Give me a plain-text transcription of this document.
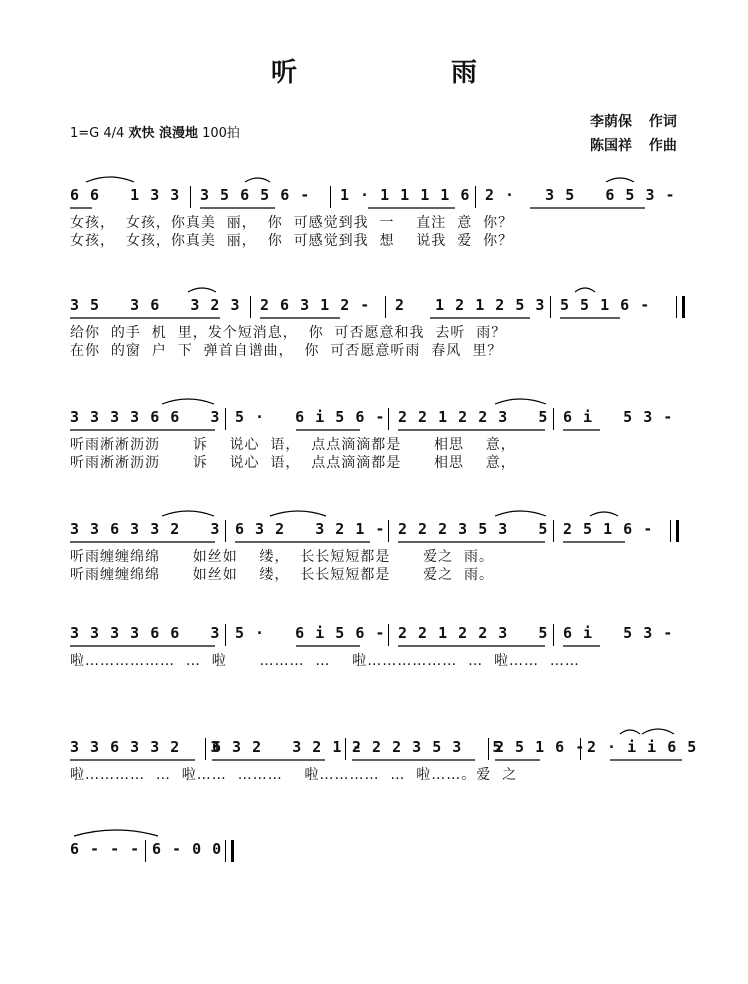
听　　雨
1=G 4/4 欢快 浪漫地 100拍
李荫保 作词
陈国祥 作曲

6 6   1 3 3

3 5 6 5 6 -

1 · 1 1 1 1 6

2 ·   3 5   6 5 3 -

女孩，  女孩，你真美  丽，  你  可感觉到我  一    直注  意  你？
女孩，  女孩，你真美  丽，  你  可感觉到我  想    说我  爱  你？

3 5   3 6   3 2 3

2 6 3 1 2 -

2   1 2 1 2 5 3

5 5 1 6 -

给你  的手  机  里，发个短消息，  你  可否愿意和我  去听  雨？
在你  的窗  户  下  弹首自谱曲，  你  可否愿意听雨  春风  里？

3 3 3 3 6 6   3

5 ·   6 i 5 6 -

2 2 1 2 2 3   5

6 i   5 3 -

听雨淅淅沥沥      诉    说心  语，  点点滴滴都是      相思    意，
听雨淅淅沥沥      诉    说心  语，  点点滴滴都是      相思    意，

3 3 6 3 3 2   3

6 3 2   3 2 1 -

2 2 2 3 5 3   5

2 5 1 6 -

听雨缠缠绵绵      如丝如    缕，  长长短短都是      爱之  雨。
听雨缠缠绵绵      如丝如    缕，  长长短短都是      爱之  雨。

3 3 3 3 6 6   3

5 ·   6 i 5 6 -

2 2 1 2 2 3   5

6 i   5 3 -

啦………………  …  啦      ………  …    啦………………  …  啦……  ……

3 3 6 3 3 2   3

6 3 2   3 2 1 -

2 2 2 3 5 3   5

2 5 1 6 -

2 · i i 6 5

啦…………  …  啦……  ………    啦…………  …  啦……。爱  之

6 - - -

6 - 0 0
